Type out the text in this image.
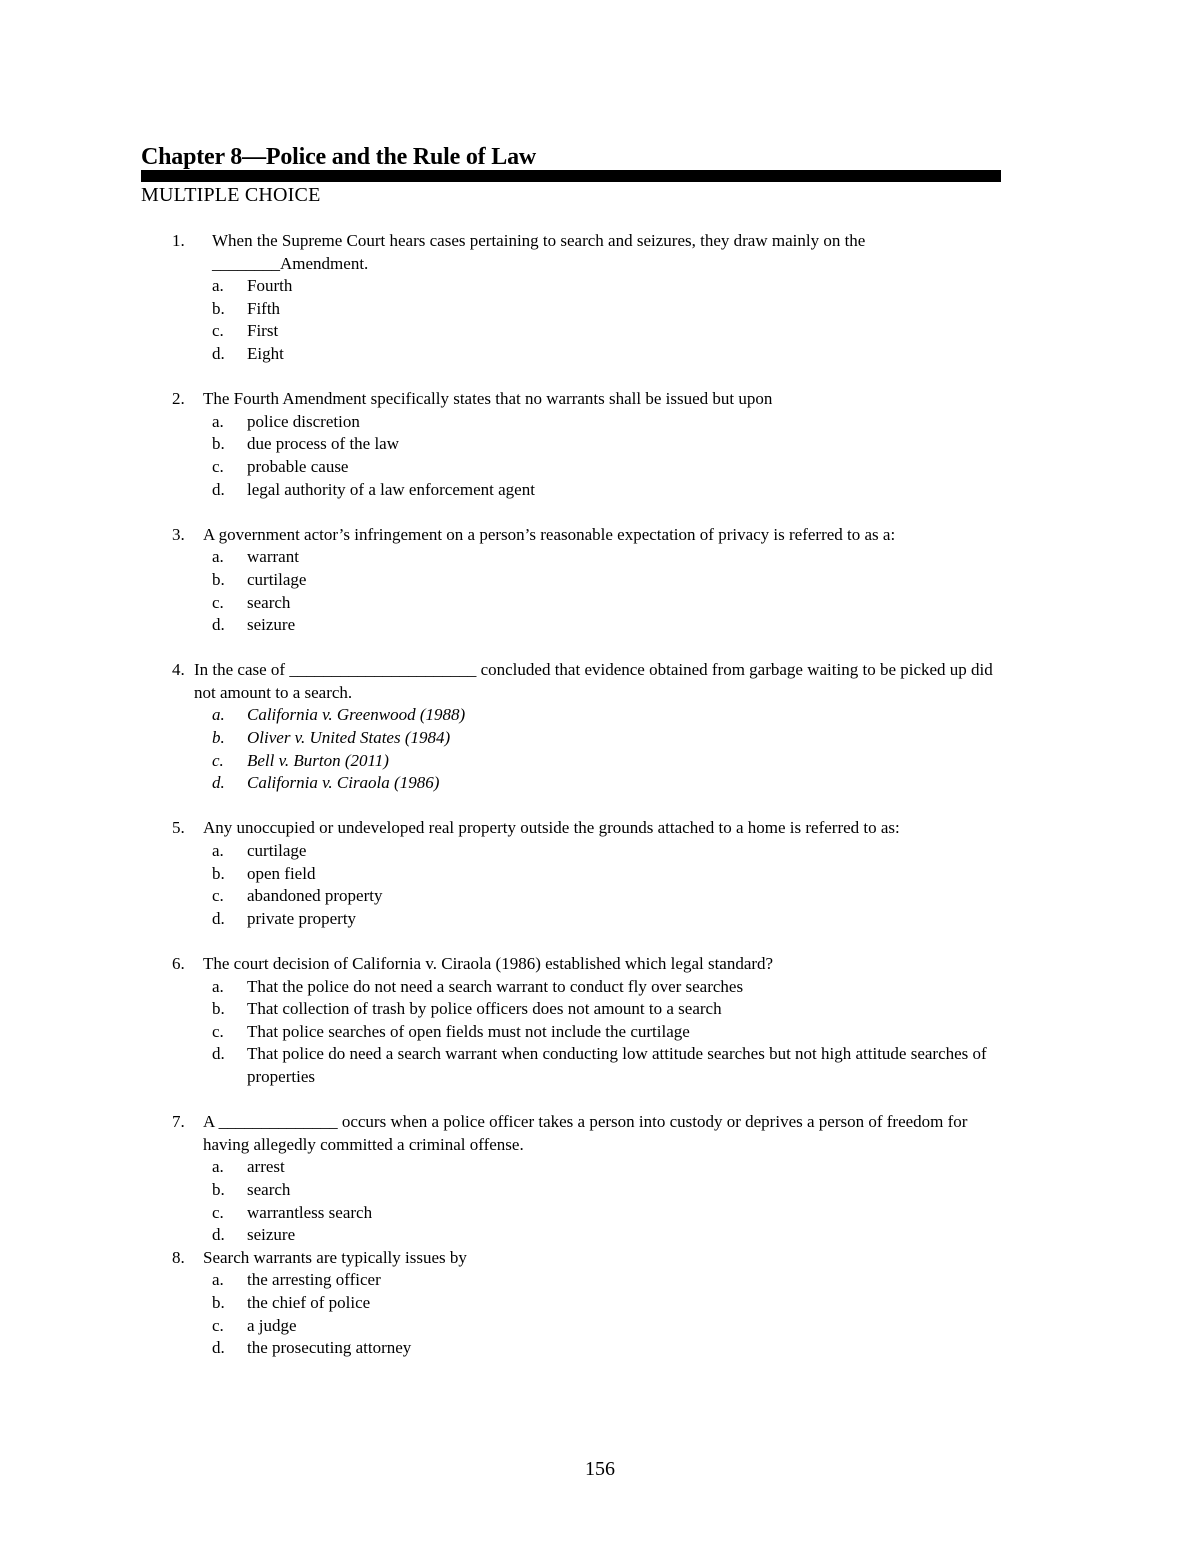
Chapter 8—Police and the Rule of Law
MULTIPLE CHOICE
1.	When the Supreme Court hears cases pertaining to search and seizures, they draw mainly on the ________Amendment.
a. Fourth
b. Fifth
c. First
d. Eight
2. The Fourth Amendment specifically states that no warrants shall be issued but upon
a. police discretion
b. due process of the law
c. probable cause
d. legal authority of a law enforcement agent
3. A government actor’s infringement on a person’s reasonable expectation of privacy is referred to as a:
a. warrant
b. curtilage
c. search
d. seizure
4. In the case of ______________________ concluded that evidence obtained from garbage waiting to be picked up did not amount to a search.
a. California v. Greenwood (1988)
b. Oliver v. United States (1984)
c. Bell v. Burton (2011)
d. California v. Ciraola (1986)
5. Any unoccupied or undeveloped real property outside the grounds attached to a home is referred to as:
a. curtilage
b. open field
c. abandoned property
d. private property
6. The court decision of California v. Ciraola (1986) established which legal standard?
a. That the police do not need a search warrant to conduct fly over searches
b. That collection of trash by police officers does not amount to a search
c. That police searches of open fields must not include the curtilage
d. That police do need a search warrant when conducting low attitude searches but not high attitude searches of properties
7. A ______________ occurs when a police officer takes a person into custody or deprives a person of freedom for having allegedly committed a criminal offense.
a. arrest
b. search
c. warrantless search
d. seizure
8. Search warrants are typically issues by
a. the arresting officer
b. the chief of police
c. a judge
d. the prosecuting attorney
156
